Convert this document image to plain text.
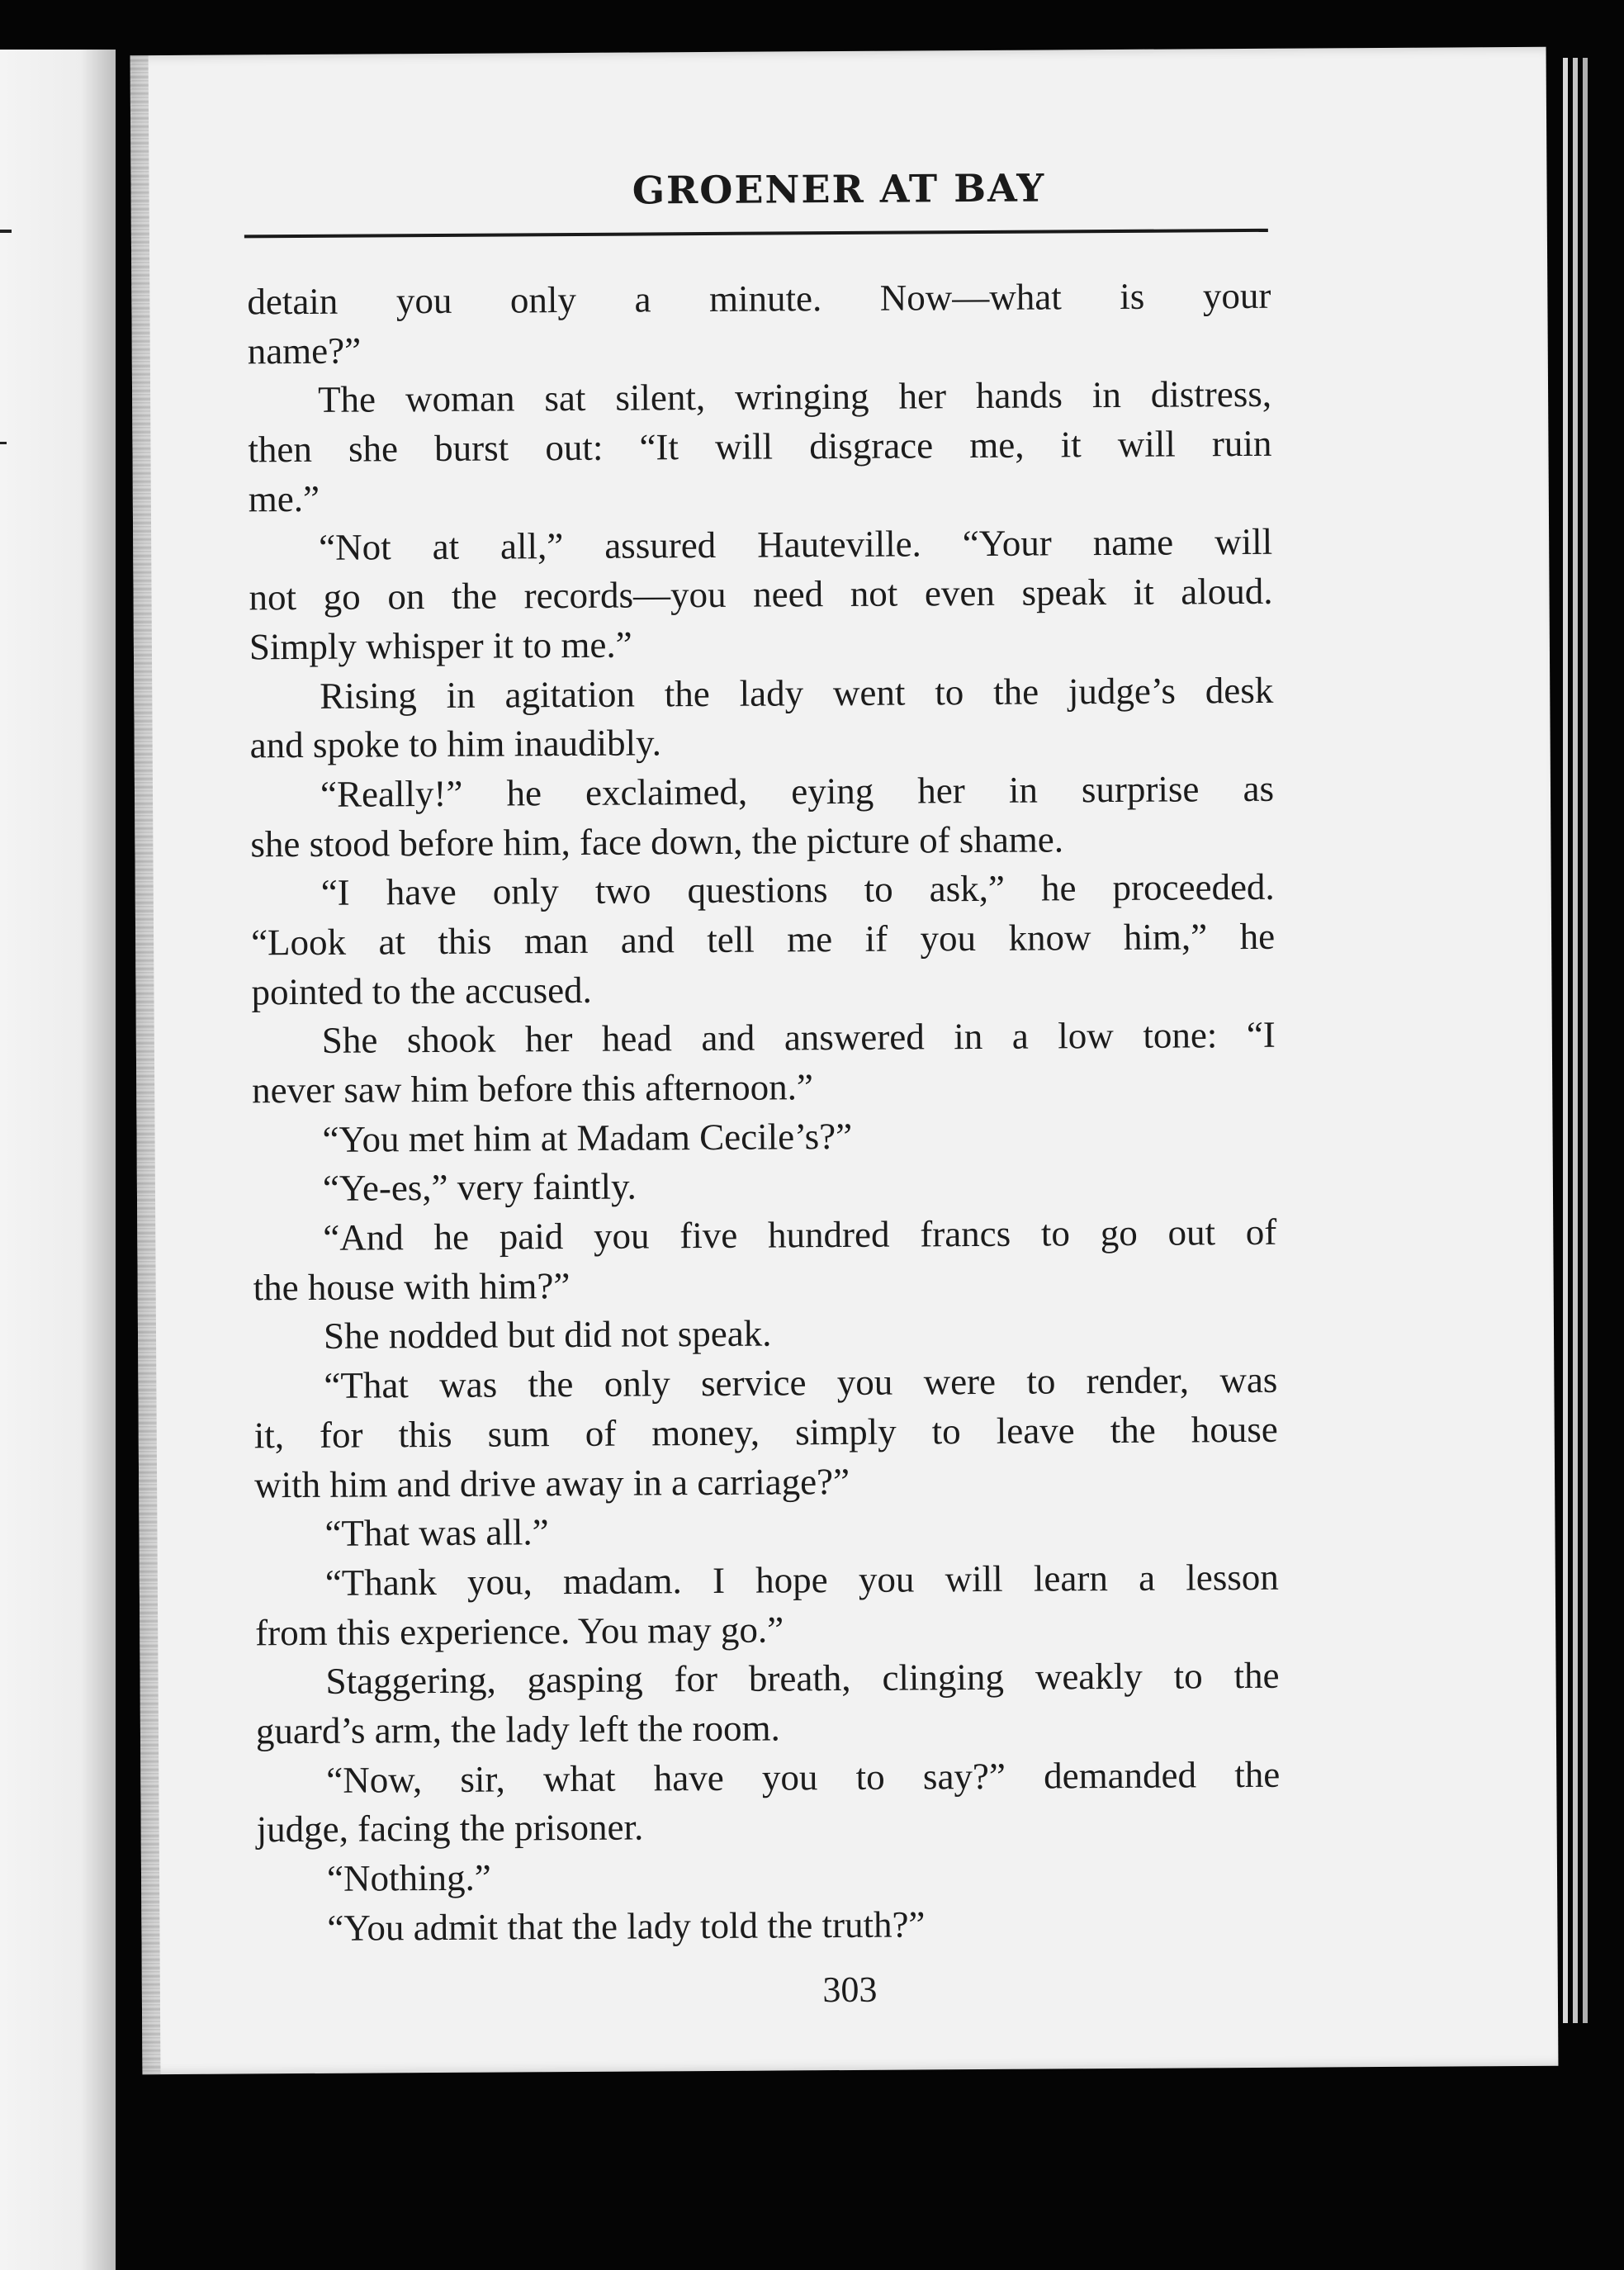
GROENER AT BAY
detain you only a minute. Now—what is your
name?”
The woman sat silent, wringing her hands in distress,
then she burst out: “It will disgrace me, it will ruin
me.”
“Not at all,” assured Hauteville. “Your name will
not go on the records—you need not even speak it aloud.
Simply whisper it to me.”
Rising in agitation the lady went to the judge’s desk
and spoke to him inaudibly.
“Really!” he exclaimed, eying her in surprise as
she stood before him, face down, the picture of shame.
“I have only two questions to ask,” he proceeded.
“Look at this man and tell me if you know him,” he
pointed to the accused.
She shook her head and answered in a low tone: “I
never saw him before this afternoon.”
“You met him at Madam Cecile’s?”
“Ye-es,” very faintly.
“And he paid you five hundred francs to go out of
the house with him?”
She nodded but did not speak.
“That was the only service you were to render, was
it, for this sum of money, simply to leave the house
with him and drive away in a carriage?”
“That was all.”
“Thank you, madam. I hope you will learn a lesson
from this experience. You may go.”
Staggering, gasping for breath, clinging weakly to the
guard’s arm, the lady left the room.
“Now, sir, what have you to say?” demanded the
judge, facing the prisoner.
“Nothing.”
“You admit that the lady told the truth?”
303
